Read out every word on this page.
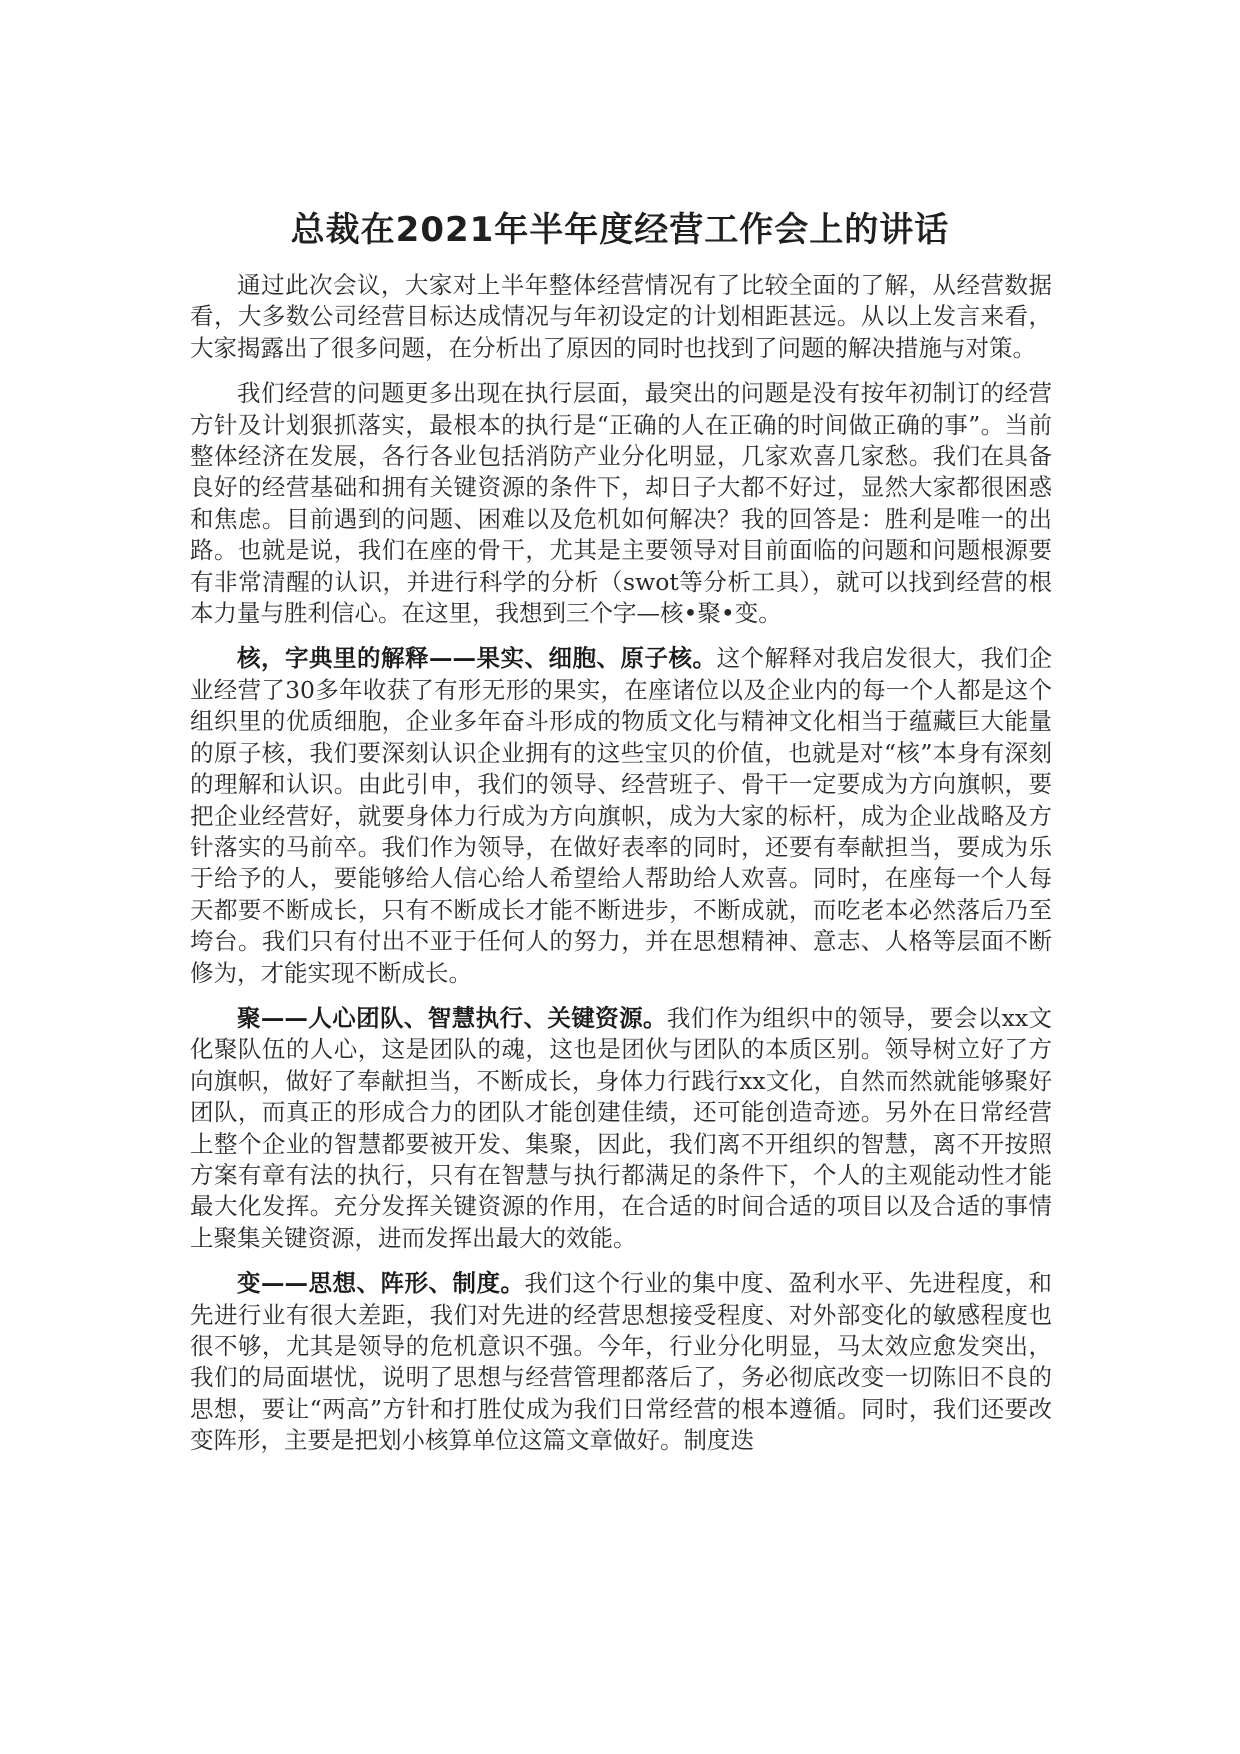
总裁在2021年半年度经营工作会上的讲话

通过此次会议，大家对上半年整体经营情况有了比较全面的了解，从经营数据看，大多数公司经营目标达成情况与年初设定的计划相距甚远。从以上发言来看，大家揭露出了很多问题，在分析出了原因的同时也找到了问题的解决措施与对策。

我们经营的问题更多出现在执行层面，最突出的问题是没有按年初制订的经营方针及计划狠抓落实，最根本的执行是“正确的人在正确的时间做正确的事”。当前整体经济在发展，各行各业包括消防产业分化明显，几家欢喜几家愁。我们在具备良好的经营基础和拥有关键资源的条件下，却日子大都不好过，显然大家都很困惑和焦虑。目前遇到的问题、困难以及危机如何解决？我的回答是：胜利是唯一的出路。也就是说，我们在座的骨干，尤其是主要领导对目前面临的问题和问题根源要有非常清醒的认识，并进行科学的分析（swot等分析工具），就可以找到经营的根本力量与胜利信心。在这里，我想到三个字—核•聚•变。

核，字典里的解释——果实、细胞、原子核。这个解释对我启发很大，我们企业经营了30多年收获了有形无形的果实，在座诸位以及企业内的每一个人都是这个组织里的优质细胞，企业多年奋斗形成的物质文化与精神文化相当于蕴藏巨大能量的原子核，我们要深刻认识企业拥有的这些宝贝的价值，也就是对“核”本身有深刻的理解和认识。由此引申，我们的领导、经营班子、骨干一定要成为方向旗帜，要把企业经营好，就要身体力行成为方向旗帜，成为大家的标杆，成为企业战略及方针落实的马前卒。我们作为领导，在做好表率的同时，还要有奉献担当，要成为乐于给予的人，要能够给人信心给人希望给人帮助给人欢喜。同时，在座每一个人每天都要不断成长，只有不断成长才能不断进步，不断成就，而吃老本必然落后乃至垮台。我们只有付出不亚于任何人的努力，并在思想精神、意志、人格等层面不断修为，才能实现不断成长。

聚——人心团队、智慧执行、关键资源。我们作为组织中的领导，要会以xx文化聚队伍的人心，这是团队的魂，这也是团伙与团队的本质区别。领导树立好了方向旗帜，做好了奉献担当，不断成长，身体力行践行xx文化，自然而然就能够聚好团队，而真正的形成合力的团队才能创建佳绩，还可能创造奇迹。另外在日常经营上整个企业的智慧都要被开发、集聚，因此，我们离不开组织的智慧，离不开按照方案有章有法的执行，只有在智慧与执行都满足的条件下，个人的主观能动性才能最大化发挥。充分发挥关键资源的作用，在合适的时间合适的项目以及合适的事情上聚集关键资源，进而发挥出最大的效能。

变——思想、阵形、制度。我们这个行业的集中度、盈利水平、先进程度，和先进行业有很大差距，我们对先进的经营思想接受程度、对外部变化的敏感程度也很不够，尤其是领导的危机意识不强。今年，行业分化明显，马太效应愈发突出，我们的局面堪忧，说明了思想与经营管理都落后了，务必彻底改变一切陈旧不良的思想，要让“两高”方针和打胜仗成为我们日常经营的根本遵循。同时，我们还要改变阵形，主要是把划小核算单位这篇文章做好。制度迭
